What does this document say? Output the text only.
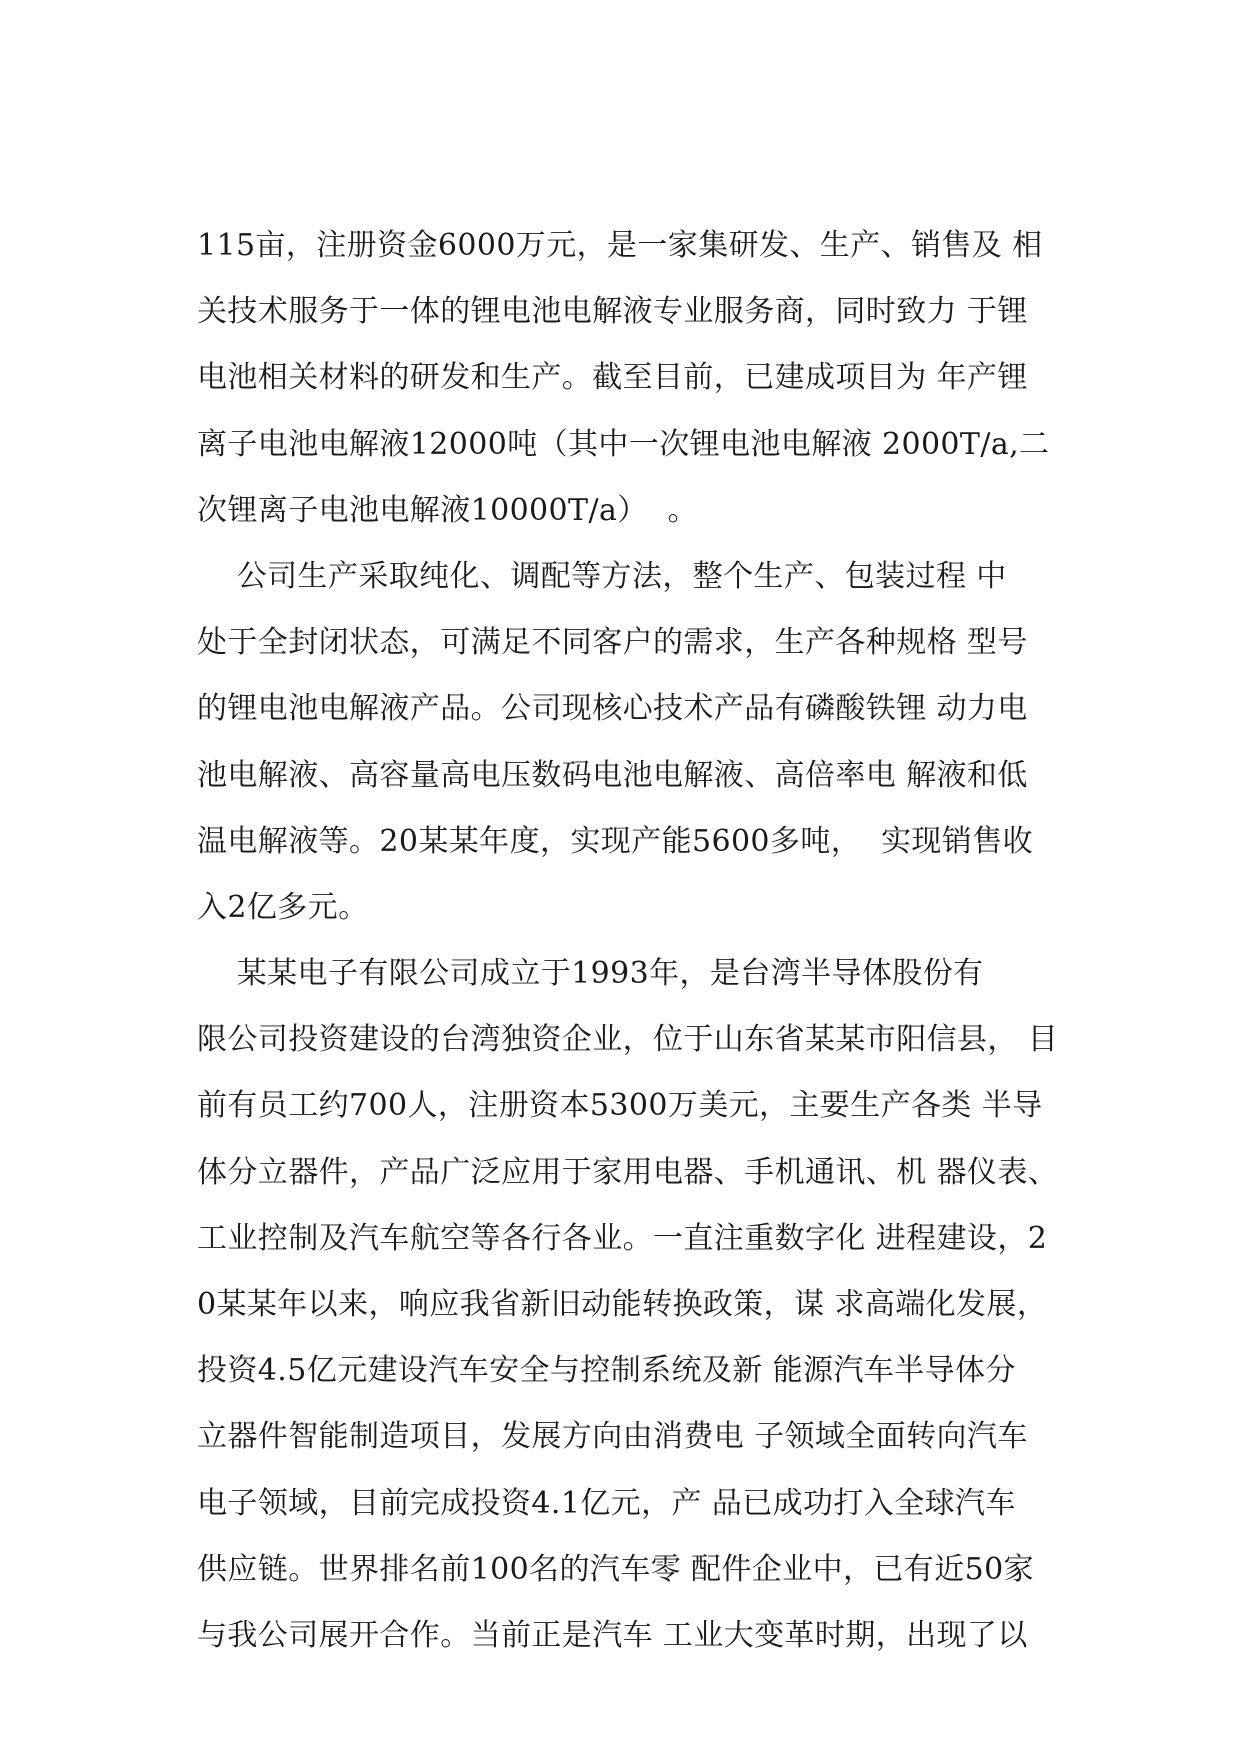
115亩，注册资金6000万元，是一家集研发、生产、销售及 相
关技术服务于一体的锂电池电解液专业服务商，同时致力 于锂
电池相关材料的研发和生产。截至目前，已建成项目为 年产锂
离子电池电解液12000吨（其中一次锂电池电解液 2000T/a,二
次锂离子电池电解液10000T/a）  。
公司生产采取纯化、调配等方法，整个生产、包装过程 中
处于全封闭状态，可满足不同客户的需求，生产各种规格 型号
的锂电池电解液产品。公司现核心技术产品有磷酸铁锂 动力电
池电解液、高容量高电压数码电池电解液、高倍率电 解液和低
温电解液等。20某某年度，实现产能5600多吨，  实现销售收
入2亿多元。
某某电子有限公司成立于1993年，是台湾半导体股份有
限公司投资建设的台湾独资企业，位于山东省某某市阳信县， 目
前有员工约700人，注册资本5300万美元，主要生产各类 半导
体分立器件，产品广泛应用于家用电器、手机通讯、机 器仪表、
工业控制及汽车航空等各行各业。一直注重数字化 进程建设，2
0某某年以来，响应我省新旧动能转换政策，谋 求高端化发展，
投资4.5亿元建设汽车安全与控制系统及新 能源汽车半导体分
立器件智能制造项目，发展方向由消费电 子领域全面转向汽车
电子领域，目前完成投资4.1亿元，产 品已成功打入全球汽车
供应链。世界排名前100名的汽车零 配件企业中，已有近50家
与我公司展开合作。当前正是汽车 工业大变革时期，出现了以
